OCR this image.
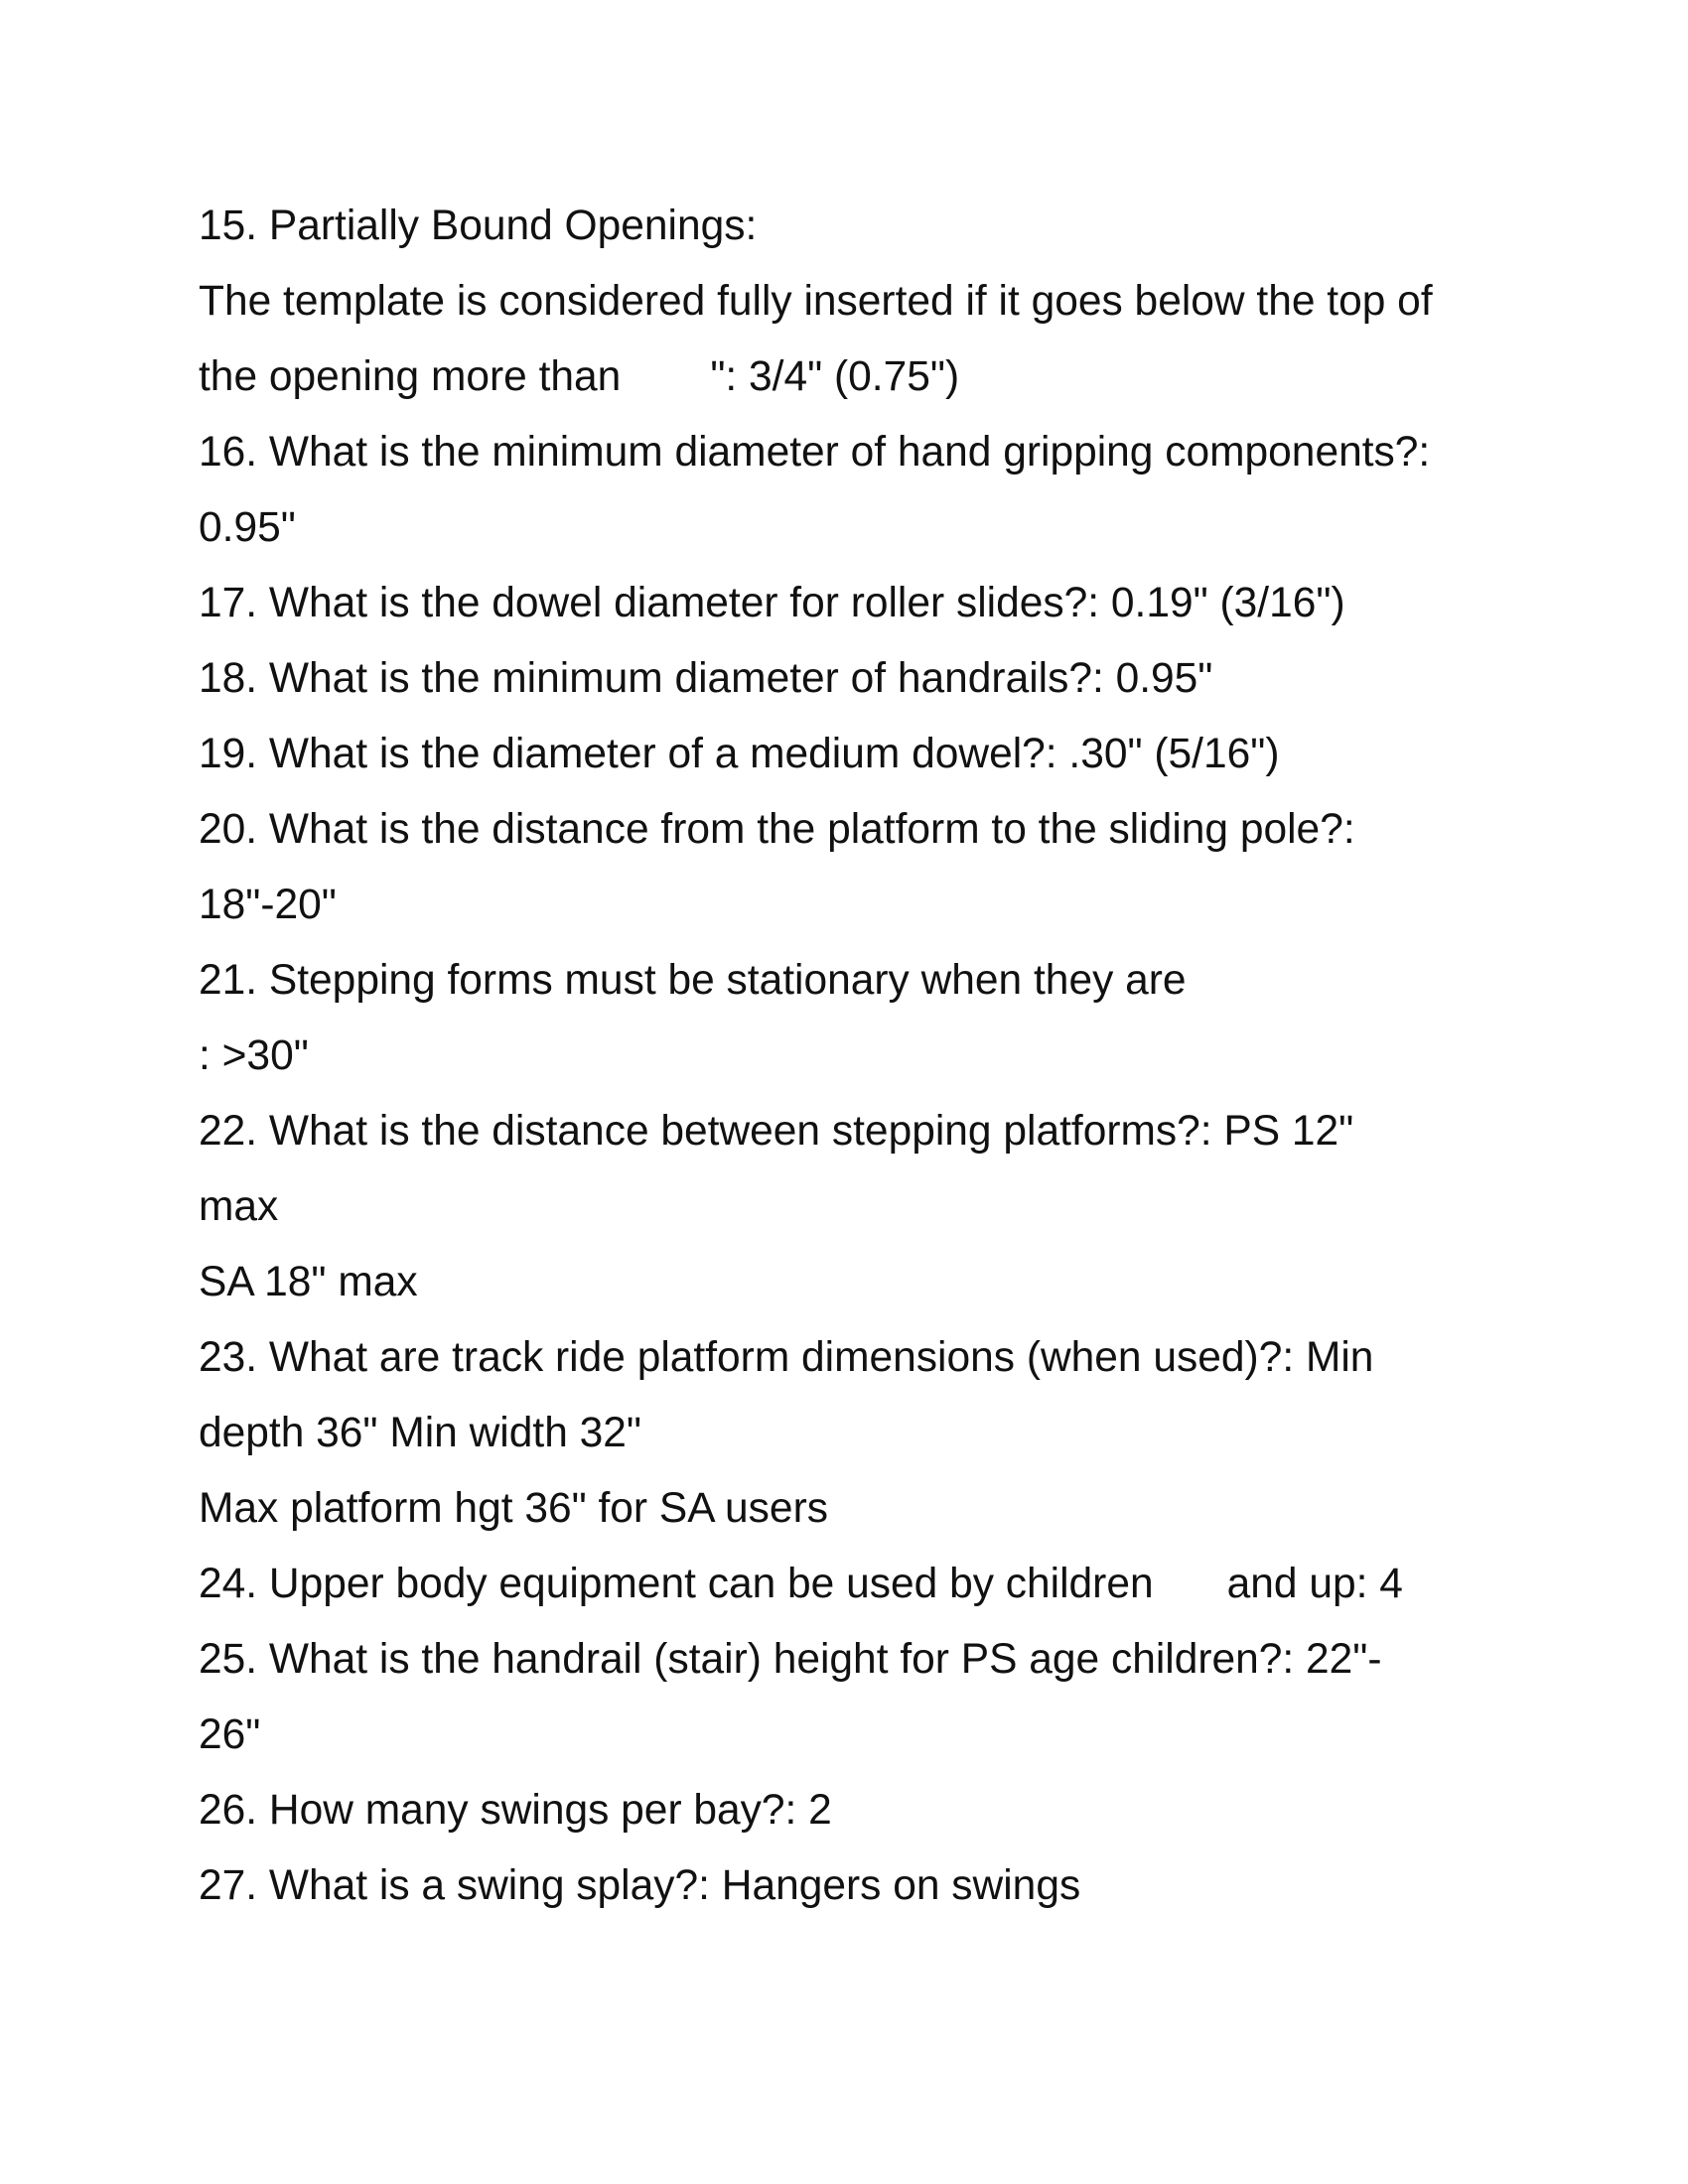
15. Partially Bound Openings:

The template is considered fully inserted if it goes below the top of

the opening more than ": 3/4" (0.75")

16. What is the minimum diameter of hand gripping components?:

0.95"

17. What is the dowel diameter for roller slides?: 0.19" (3/16")

18. What is the minimum diameter of handrails?: 0.95"

19. What is the diameter of a medium dowel?: .30" (5/16")

20. What is the distance from the platform to the sliding pole?:

18"-20"

21. Stepping forms must be stationary when they are

: >30"

22. What is the distance between stepping platforms?: PS 12"

max

SA 18" max

23. What are track ride platform dimensions (when used)?: Min

depth 36" Min width 32"

Max platform hgt 36" for SA users

24. Upper body equipment can be used by children and up: 4

25. What is the handrail (stair) height for PS age children?: 22"-

26"

26. How many swings per bay?: 2

27. What is a swing splay?: Hangers on swings
